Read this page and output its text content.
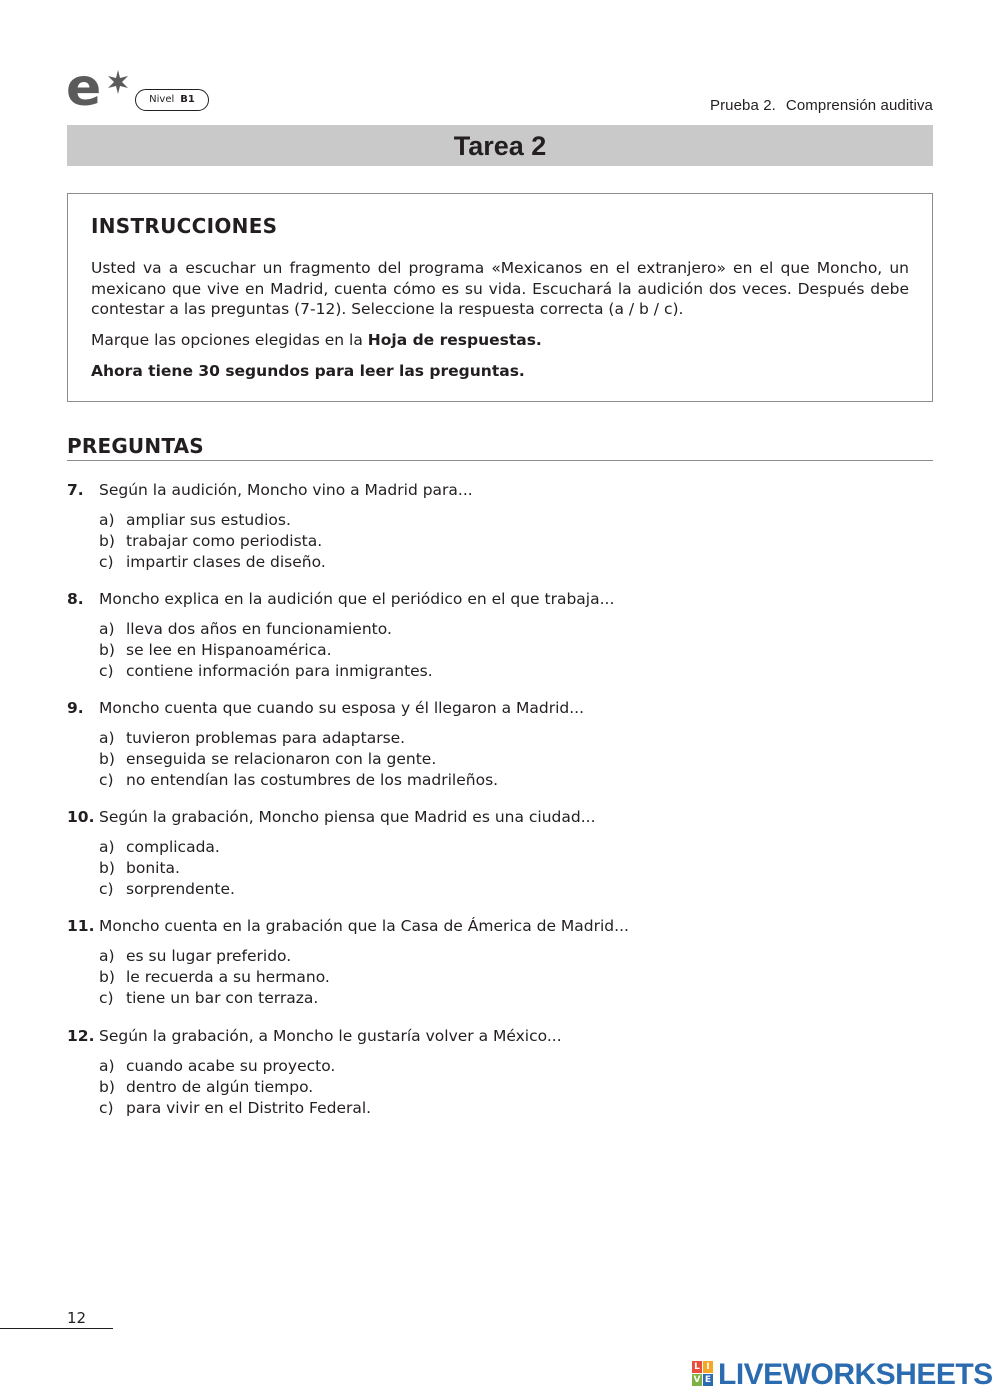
e	Nivel B1	Prueba 2. Comprensión auditiva
Tarea 2
INSTRUCCIONES

Usted va a escuchar un fragmento del programa «Mexicanos en el extranjero» en el que Moncho, un mexicano que vive en Madrid, cuenta cómo es su vida. Escuchará la audición dos veces. Después debe contestar a las preguntas (7-12). Seleccione la respuesta correcta (a / b / c).

Marque las opciones elegidas en la Hoja de respuestas.

Ahora tiene 30 segundos para leer las preguntas.

PREGUNTAS
7. Según la audición, Moncho vino a Madrid para...
a) ampliar sus estudios.
b) trabajar como periodista.
c) impartir clases de diseño.
8. Moncho explica en la audición que el periódico en el que trabaja...
a) lleva dos años en funcionamiento.
b) se lee en Hispanoamérica.
c) contiene información para inmigrantes.
9. Moncho cuenta que cuando su esposa y él llegaron a Madrid...
a) tuvieron problemas para adaptarse.
b) enseguida se relacionaron con la gente.
c) no entendían las costumbres de los madrileños.
10. Según la grabación, Moncho piensa que Madrid es una ciudad...
a) complicada.
b) bonita.
c) sorprendente.
11. Moncho cuenta en la grabación que la Casa de Ámerica de Madrid...
a) es su lugar preferido.
b) le recuerda a su hermano.
c) tiene un bar con terraza.
12. Según la grabación, a Moncho le gustaría volver a México...
a) cuando acabe su proyecto.
b) dentro de algún tiempo.
c) para vivir en el Distrito Federal.
12
L I
V E LIVEWORKSHEETS
